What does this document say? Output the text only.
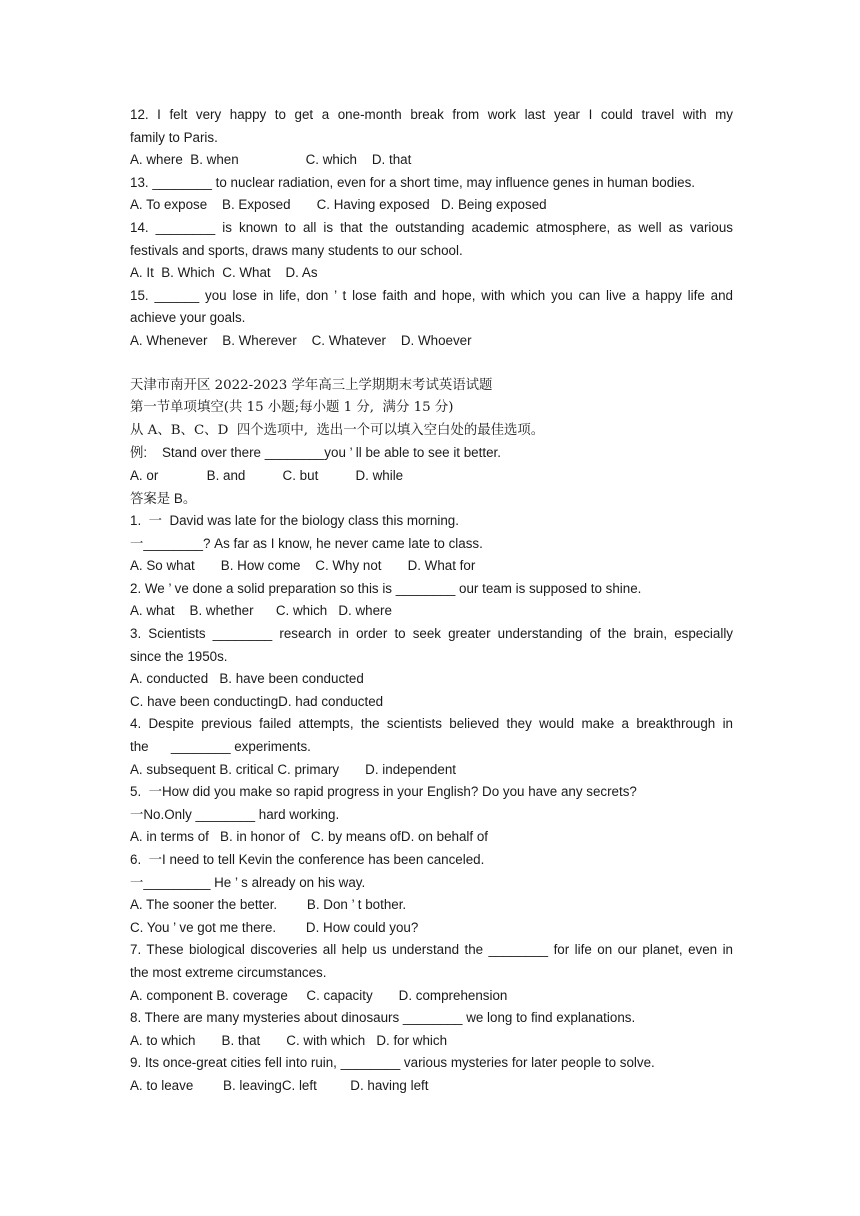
12. I felt very happy to get a one-month break from work last year I could travel with my
family to Paris.
A. where  B. when                  C. which    D. that
13. ________ to nuclear radiation, even for a short time, may influence genes in human bodies.
A. To expose    B. Exposed       C. Having exposed   D. Being exposed
14. ________ is known to all is that the outstanding academic atmosphere, as well as various
festivals and sports, draws many students to our school.
A. It  B. Which  C. What    D. As
15. ______ you lose in life, don ’ t lose faith and hope, with which you can live a happy life and
achieve your goals.
A. Whenever    B. Wherever    C. Whatever    D. Whoever
天津市南开区 2022-2023 学年高三上学期期末考试英语试题
第一节单项填空(共 15 小题;每小题 1 分,  满分 15 分)
从 A、B、C、D  四个选项中,  选出一个可以填入空白处的最佳选项。
例:    Stand over there ________you ’ ll be able to see it better.
A. or             B. and          C. but          D. while
答案是 B。
1.  一  David was late for the biology class this morning.
一________? As far as I know, he never came late to class.
A. So what       B. How come    C. Why not       D. What for
2. We ’ ve done a solid preparation so this is ________ our team is supposed to shine.
A. what    B. whether      C. which   D. where
3. Scientists ________ research in order to seek greater understanding of the brain, especially
since the 1950s.
A. conducted   B. have been conducted
C. have been conductingD. had conducted
4. Despite previous failed attempts, the scientists believed they would make a breakthrough in
the      ________ experiments.
A. subsequent B. critical C. primary       D. independent
5.  一How did you make so rapid progress in your English? Do you have any secrets?
一No.Only ________ hard working.
A. in terms of   B. in honor of   C. by means ofD. on behalf of
6.  一I need to tell Kevin the conference has been canceled.
一_________ He ’ s already on his way.
A. The sooner the better.        B. Don ’ t bother.
C. You ’ ve got me there.        D. How could you?
7. These biological discoveries all help us understand the ________ for life on our planet, even in
the most extreme circumstances.
A. component B. coverage     C. capacity       D. comprehension
8. There are many mysteries about dinosaurs ________ we long to find explanations.
A. to which       B. that       C. with which   D. for which
9. Its once-great cities fell into ruin, ________ various mysteries for later people to solve.
A. to leave        B. leavingC. left         D. having left
